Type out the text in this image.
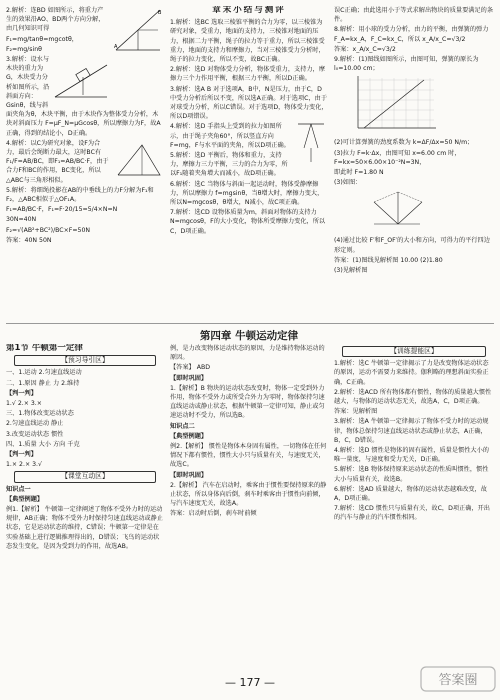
A
B

2.解析：连BD 如图所示，将重力产生的效果沿AO、BD两个方向分解，由几何知识可得

F₁=mg/tanθ=mgcotθ，

F₂=mg/sinθ

3.解析：设水与木块的重力为G，木块受力分析如图所示，沿斜面方向：Gsinθ，线与斜面夹角为θ，木块平衡，由于木块作为整体受力分析，木块对斜面压力 F=μF_N=μGcosθ，所以摩擦力为F，故A正确，得到的结论小，D正确。

4.解析：以C为研究对象，设F为合力，最后会绳断力最大，这时BC有 F₁/F=AB/BC，即F₁=AB/BC·F，由于合力F和BC的作用，BC变化，所以△ABC与三角形相似。

5.解析：将细绳投影在AB的中垂线上的力F分解为F₁和F₂，△ABC相似于△OF₁A。

F₁=AB/BC·F，F₁=F·20/15=5/4×N=N

30N=40N

F₂=√(AB²+BC²)/BC×F=50N

答案：40N 50N

章末小结与测评

1.解析：选BC 选取三棱锥平衡的合力为零，以三棱锥为研究对象，受重力，地面的支持力，三棱锥对地面的压力，根据二力平衡，绳子的拉力等于重力，所以三棱锥受重力，地面的支持力和摩擦力，当对三棱锥受力分析时，绳子的拉力变化，所以不变，故BC正确。

2.解析：选D 对物体受力分析，物体受重力，支持力，摩擦力三个力作用平衡，根据三力平衡，所以D正确。

3.解析：选A B 对于选项A，B中，N是压力，由于C，D中受力分析后所以不变，所以选A正确。对于选项C，由于对球受力分析，所以C错误。对于选项D，物体受力变化，所以D项错误。

4.解析：选D 手指头上受到的拉力如图所示，由于绳子夹角60°，所以竖直方向 F=mg，F与水平面的夹角，所以D项正确。

5.解析：选D 平衡后，物体和重力，支持力，摩擦力三力平衡，三力的合力为零，所以F₁随着夹角增大而减小，故D项正确。

6.解析：选C 当物体与斜面一起运动时，物体受静摩擦力，所以摩擦力 f=mgsinθ，当θ增大时，摩擦力变大，所以N=mgcosθ，θ增大，N减小，故C项正确。

7.解析：选CD 设物体质量为m，斜面对物体的支持力N=mgcosθ，F的大小变化，物体所受摩擦力变化，所以C，D项正确。

误C正确；由此选用小于等式求解出物块的质量要满足的条件。

8.解析：用小球的受力分析，由力的平衡，由弹簧的弹力F_A=kx_A，F_C=kx_C，所以 x_A/x_C=√3/2

答案：x_A/x_C=√3/2

9.解析：(1)图线如图所示，由图可知，弹簧的原长为 l₀=10.00 cm；

(2)可计算弹簧的劲度系数为 k=ΔF/Δx=50 N/m；

(3)拉力 F=k·Δx，由图可知 x=6.00 cm 时，F=kx=50×6.00×10⁻²N=3N，

即此时 F=1.80 N

(3)如图：

(4)通过比较 F′和F_OF′的大小和方向，可得力的平行四边形定则。

答案：(1)图线见解析图 10.00 (2)1.80

(3)见解析图

第四章 牛顿运动定律
第1节 牛顿第一定律
【预习导引区】

一、1.运动 2.匀速直线运动

二、1.原因 静止 力 2.维持

【判一判】

1.√ 2.× 3.×

三、1.物体改变运动状态

2.匀速直线运动 静止

3.改变运动状态 惯性

四、1.质量 大小 方向 千克

【判一判】

1.× 2.× 3.√

【课堂互动区】

知识点一

【典型例题】

例1.【解析】 牛顿第一定律阐述了物体不受外力时的运动规律，AB正确；物体不受外力时保持匀速直线运动或静止状态，它是运动状态的维持，C错误；牛顿第一定律是在实验基础上进行逻辑推理得出的，D错误；飞鸟的运动状态发生变化，是因为受到力的作用，故选AB。

例，是力改变物体运动状态的原因，力是维持物体运动的原因。

【答案】 ABD

【即时巩固】

1.【解析】B 物块的运动状态改变时，物体一定受到外力作用，物体不受外力或所受合外力为零时，物体保持匀速直线运动或静止状态，根据牛顿第一定律可知，静止或匀速运动时不受力，所以选B。

知识点二

【典型例题】

例2.【解析】 惯性是物体本身固有属性，一切物体在任何情况下都有惯性，惯性大小只与质量有关，与速度无关，故选C。

【即时巩固】

2.【解析】 汽车在启动时，乘客由于惯性要保持原来的静止状态，所以身体向后倒，刹车时乘客由于惯性向前倾，与汽车速度无关，故选A。

答案：启动时后倒，刹车时前倾

【训练提能区】

1.解析：选C 牛顿第一定律揭示了力是改变物体运动状态的原因，运动不需要力来维持。伽利略的理想斜面实验正确，C正确。

2.解析：选ACD 所有物体都有惯性，物体的质量越大惯性越大，与物体的运动状态无关，故选A，C，D项正确。

答案：见解析图

3.解析：选A 牛顿第一定律揭示了物体不受力时的运动规律，物体总保持匀速直线运动状态或静止状态，A正确，B，C，D错误。

4.解析：选D 惯性是物体的固有属性，质量是惯性大小的唯一量度，与速度和受力无关，D正确。

5.解析：选B 物体保持原来运动状态的性质叫惯性，惯性大小与质量有关，故选B。

6.解析：选AD 质量越大，物体的运动状态越难改变，故A，D项正确。

7.解析：选CD 惯性只与质量有关，故C，D项正确，开出的汽车与静止的汽车惯性相同。

— 177 —	答案圈
